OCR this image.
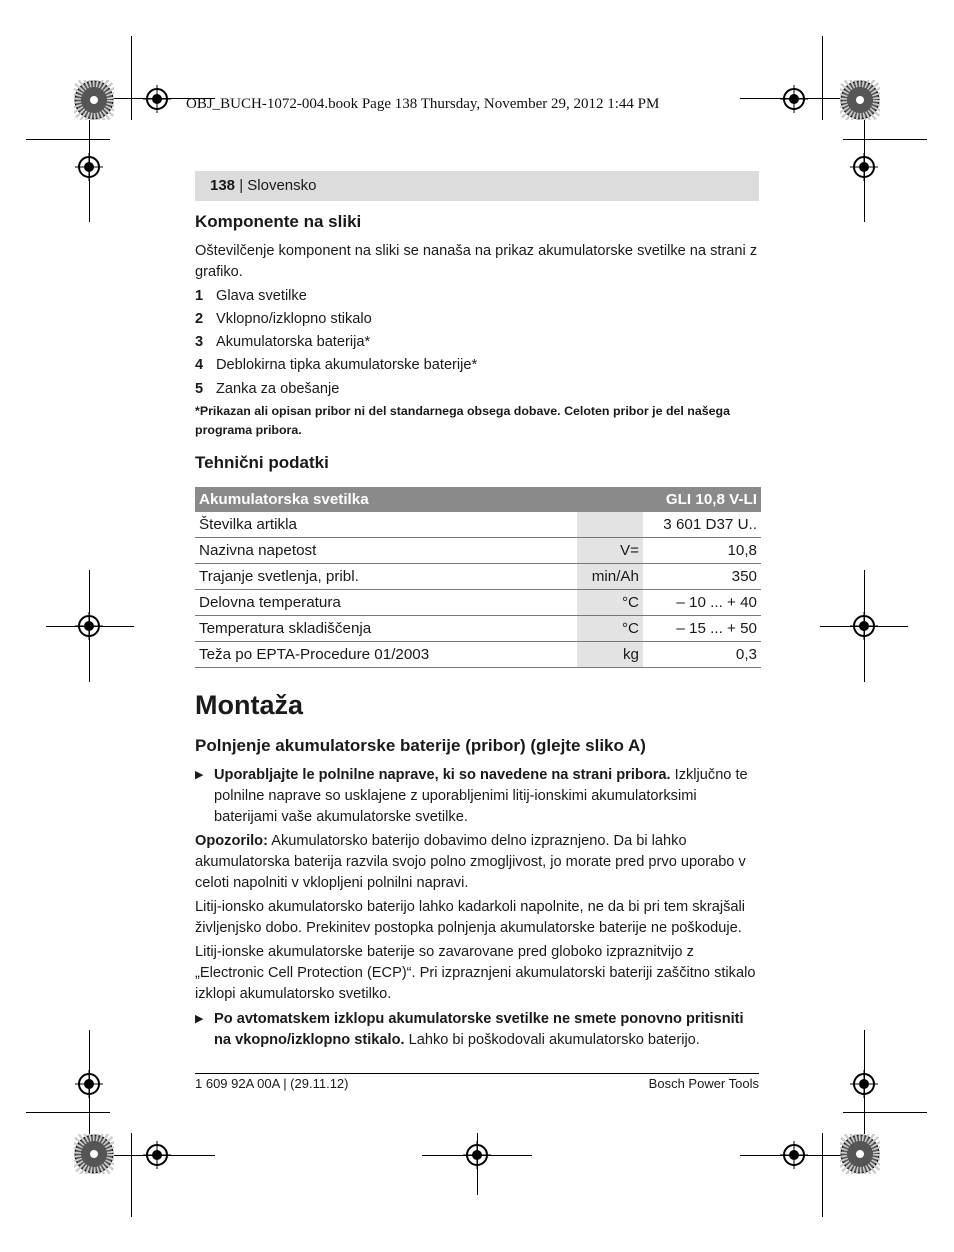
OBJ_BUCH-1072-004.book Page 138 Thursday, November 29, 2012 1:44 PM
138 | Slovensko
Komponente na sliki
Oštevilčenje komponent na sliki se nanaša na prikaz akumulatorske svetilke na strani z grafiko.
1 Glava svetilke
2 Vklopno/izklopno stikalo
3 Akumulatorska baterija*
4 Deblokirna tipka akumulatorske baterije*
5 Zanka za obešanje
*Prikazan ali opisan pribor ni del standarnega obsega dobave. Celoten pribor je del našega programa pribora.
Tehnični podatki
Akumulatorska svetilka		GLI 10,8 V-LI
Številka artikla		3 601 D37 U..
Nazivna napetost	V=	10,8
Trajanje svetlenja, pribl.	min/Ah	350
Delovna temperatura	°C	– 10 ... + 40
Temperatura skladiščenja	°C	– 15 ... + 50
Teža po EPTA-Procedure 01/2003	kg	0,3
Montaža
Polnjenje akumulatorske baterije (pribor) (glejte sliko A)
▶ Uporabljajte le polnilne naprave, ki so navedene na strani pribora. Izključno te polnilne naprave so usklajene z uporabljenimi litij-ionskimi akumulatorksimi baterijami vaše akumulatorske svetilke.
Opozorilo: Akumulatorsko baterijo dobavimo delno izpraznjeno. Da bi lahko akumulatorska baterija razvila svojo polno zmogljivost, jo morate pred prvo uporabo v celoti napolniti v vklopljeni polnilni napravi.
Litij-ionsko akumulatorsko baterijo lahko kadarkoli napolnite, ne da bi pri tem skrajšali življenjsko dobo. Prekinitev postopka polnjenja akumulatorske baterije ne poškoduje.
Litij-ionske akumulatorske baterije so zavarovane pred globoko izpraznitvijo z „Electronic Cell Protection (ECP)“. Pri izpraznjeni akumulatorski bateriji zaščitno stikalo izklopi akumulatorsko svetilko.
▶ Po avtomatskem izklopu akumulatorske svetilke ne smete ponovno pritisniti na vkopno/izklopno stikalo. Lahko bi poškodovali akumulatorsko baterijo.
1 609 92A 00A | (29.11.12)	Bosch Power Tools
